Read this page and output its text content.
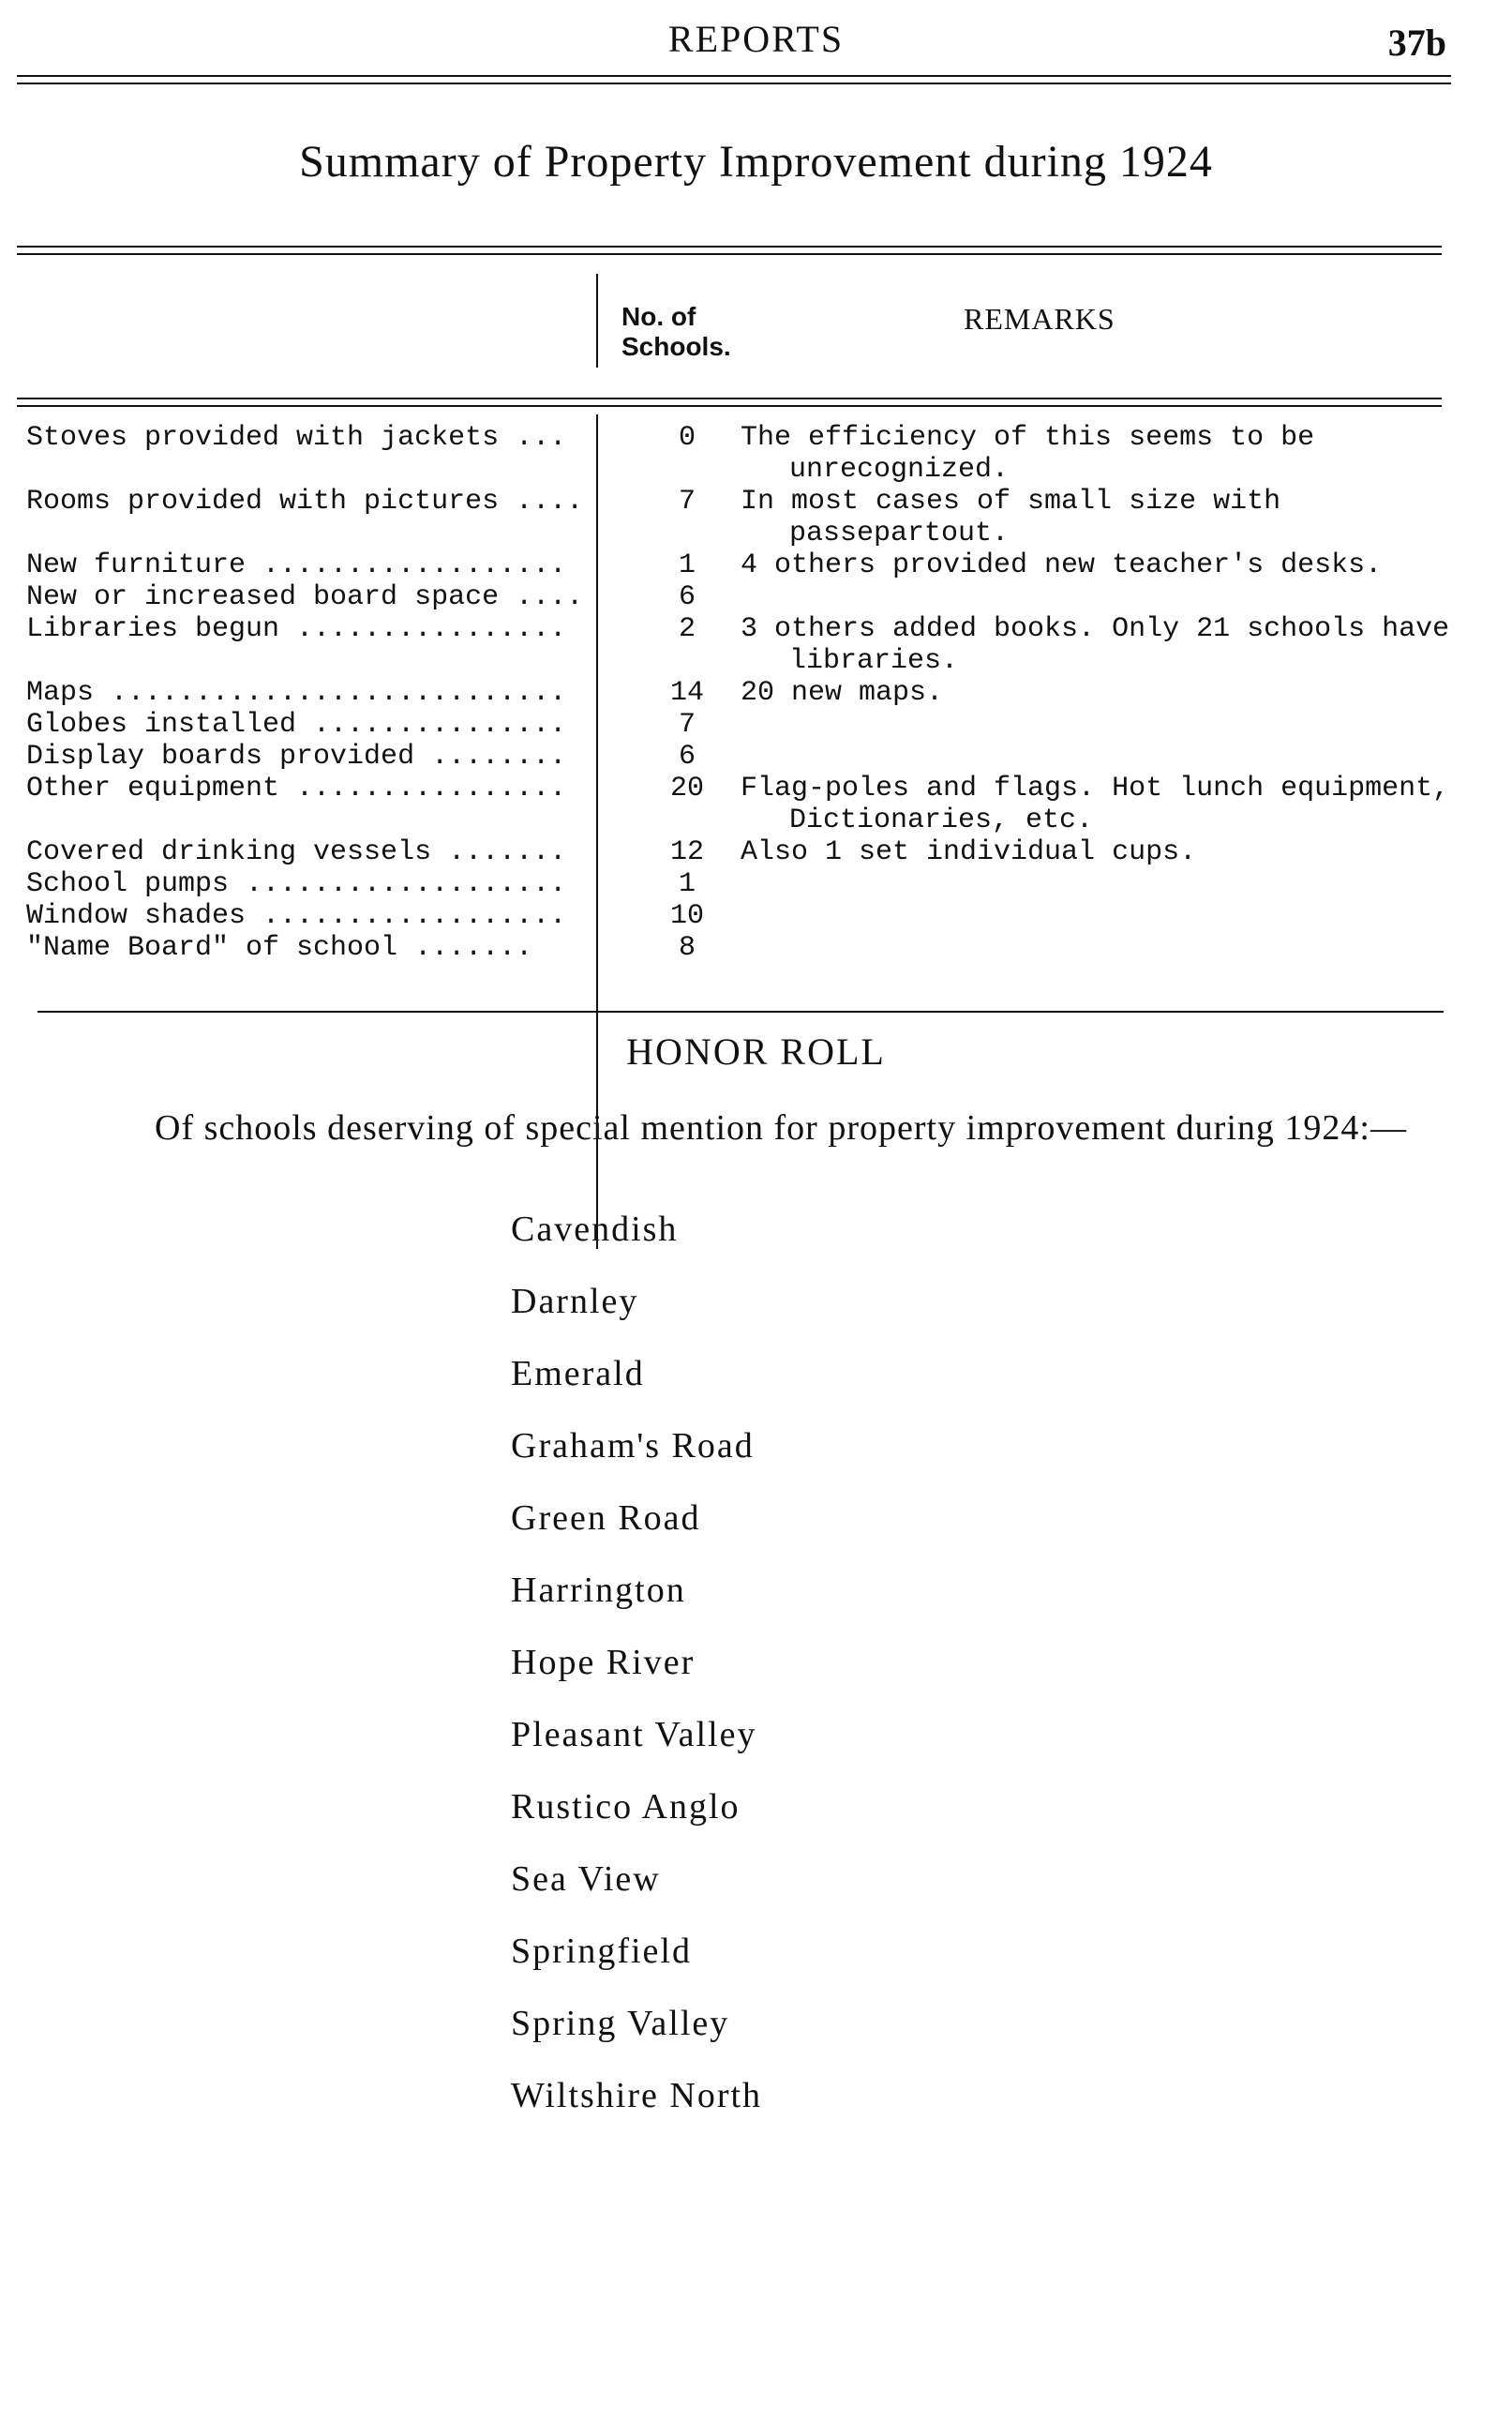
REPORTS	37b
Summary of Property Improvement during 1924
No. of Schools.
REMARKS
Stoves provided with jackets ...	0	The efficiency of this seems to be unrecognized.
Rooms provided with pictures ....	7	In most cases of small size with passepartout.
New furniture ..................	1	4 others provided new teacher's desks.
New or increased board space ....	6
Libraries begun ................	2	3 others added books. Only 21 schools have libraries.
Maps ...........................	14	20 new maps.
Globes installed ...............	7
Display boards provided ........	6
Other equipment ................	20	Flag-poles and flags. Hot lunch equipment, Dictionaries, etc.
Covered drinking vessels .......	12	Also 1 set individual cups.
School pumps ...................	1
Window shades ..................	10
"Name Board" of school .......	8
HONOR ROLL
Of schools deserving of special mention for property improvement during 1924:—
Cavendish
Darnley
Emerald
Graham's Road
Green Road
Harrington
Hope River
Pleasant Valley
Rustico Anglo
Sea View
Springfield
Spring Valley
Wiltshire North
